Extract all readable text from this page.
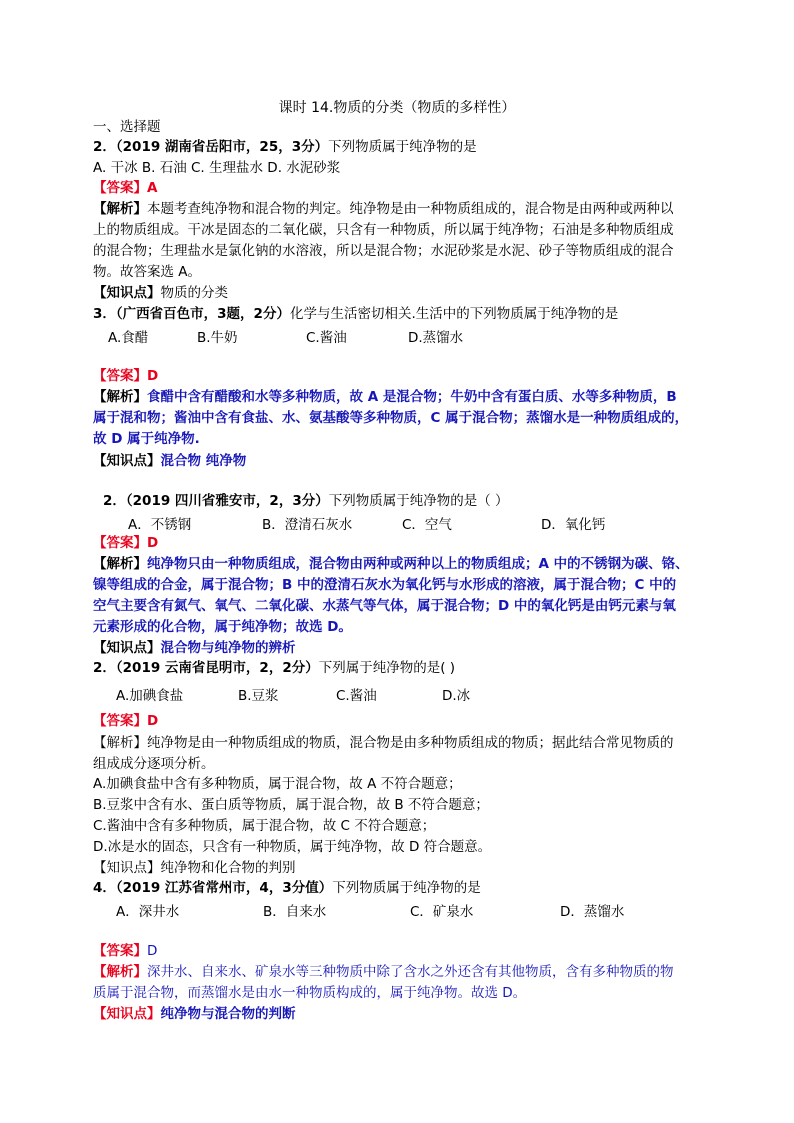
课时 14.物质的分类（物质的多样性）
一、选择题
2．（2019 湖南省岳阳市，25，3分）下列物质属于纯净物的是
A. 干冰 B. 石油 C. 生理盐水 D. 水泥砂浆
【答案】A
【解析】本题考查纯净物和混合物的判定。纯净物是由一种物质组成的，混合物是由两种或两种以
上的物质组成。干冰是固态的二氧化碳，只含有一种物质，所以属于纯净物；石油是多种物质组成
的混合物；生理盐水是氯化钠的水溶液，所以是混合物；水泥砂浆是水泥、砂子等物质组成的混合
物。故答案选 A。
【知识点】物质的分类
3．（广西省百色市，3题，2分）化学与生活密切相关.生活中的下列物质属于纯净物的是
A.食醋	B.牛奶	C.酱油	D.蒸馏水
【答案】D
【解析】食醋中含有醋酸和水等多种物质，故 A 是混合物；牛奶中含有蛋白质、水等多种物质，B
属于混和物；酱油中含有食盐、水、氨基酸等多种物质，C 属于混合物；蒸馏水是一种物质组成的，
故 D 属于纯净物.
【知识点】混合物 纯净物
2．（2019 四川省雅安市，2，3分）下列物质属于纯净物的是（ ）
A．不锈钢	B．澄清石灰水	C．空气	D．氧化钙
【答案】D
【解析】纯净物只由一种物质组成，混合物由两种或两种以上的物质组成；A 中的不锈钢为碳、铬、
镍等组成的合金，属于混合物；B 中的澄清石灰水为氧化钙与水形成的溶液，属于混合物；C 中的
空气主要含有氮气、氧气、二氧化碳、水蒸气等气体，属于混合物；D 中的氧化钙是由钙元素与氧
元素形成的化合物，属于纯净物；故选 D。
【知识点】混合物与纯净物的辨析
2．（2019 云南省昆明市，2，2分）下列属于纯净物的是( )
A.加碘食盐	B.豆浆	C.酱油	D.冰
【答案】D
【解析】纯净物是由一种物质组成的物质，混合物是由多种物质组成的物质；据此结合常见物质的
组成成分逐项分析。
A.加碘食盐中含有多种物质，属于混合物，故 A 不符合题意；
B.豆浆中含有水、蛋白质等物质，属于混合物，故 B 不符合题意；
C.酱油中含有多种物质，属于混合物，故 C 不符合题意；
D.冰是水的固态，只含有一种物质，属于纯净物，故 D 符合题意。
【知识点】纯净物和化合物的判别
4．（2019 江苏省常州市，4，3分值）下列物质属于纯净物的是
A．深井水	B．自来水	C．矿泉水	D．蒸馏水
【答案】D
【解析】深井水、自来水、矿泉水等三种物质中除了含水之外还含有其他物质，含有多种物质的物
质属于混合物，而蒸馏水是由水一种物质构成的，属于纯净物。故选 D。
【知识点】纯净物与混合物的判断
